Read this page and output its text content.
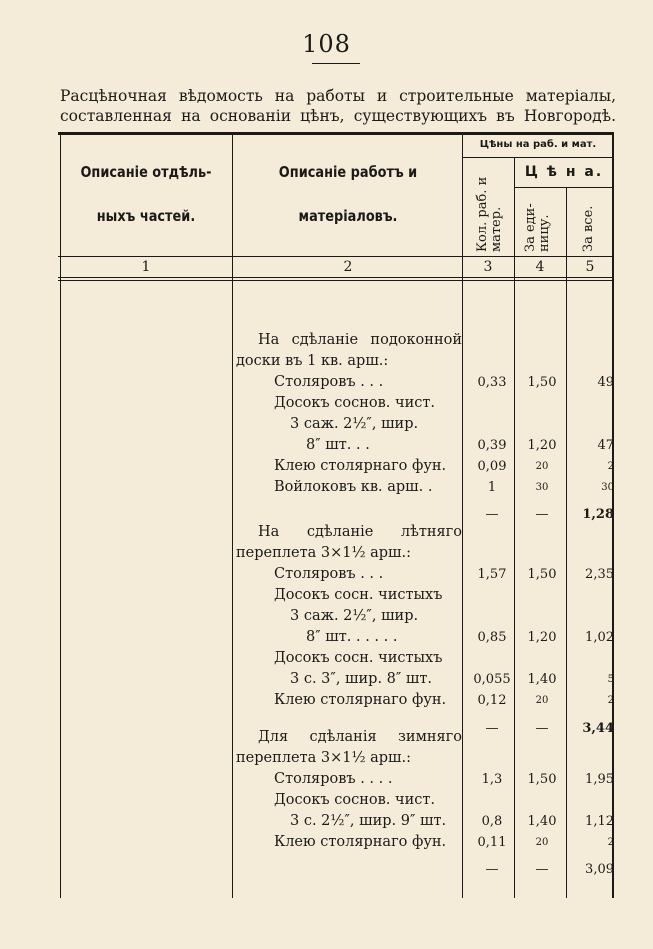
108
Расцѣночная вѣдомость на работы и строительные матеріалы,
составленная на основаніи цѣнъ, существующихъ въ Новгородѣ.
Описаніе отдѣль-
ныхъ частей.
Описаніе работъ и
матеріаловъ.
Цѣны на раб. и мат.
Ц ѣ н а.
Кол. раб. и матер. За еди- ницу. За все.
1	2	3	4	5
На сдѣланіе подоконной
доски въ 1 кв. арш.:
Столяровъ . . .	0,33	1,50	49
Досокъ соснов. чист.
3 саж. 2½″, шир.
8″ шт. . .	0,39	1,20	47
Клею столярнаго фун.	0,09	20	2
Войлоковъ кв. арш. .	1	30	30
—	—	1,28
На сдѣланіе лѣтняго
переплета 3×1½ арш.:
Столяровъ . . .	1,57	1,50	2,35
Досокъ сосн. чистыхъ
3 саж. 2½″, шир.
8″ шт. . . . . .	0,85	1,20	1,02
Досокъ сосн. чистыхъ
3 с. 3″, шир. 8″ шт.	0,055	1,40	5
Клею столярнаго фун.	0,12	20	2
—	—	3,44
Для сдѣланія зимняго
переплета 3×1½ арш.:
Столяровъ . . . .	1,3	1,50	1,95
Досокъ соснов. чист.
3 с. 2½″, шир. 9″ шт.	0,8	1,40	1,12
Клею столярнаго фун.	0,11	20	2
—	—	3,09
